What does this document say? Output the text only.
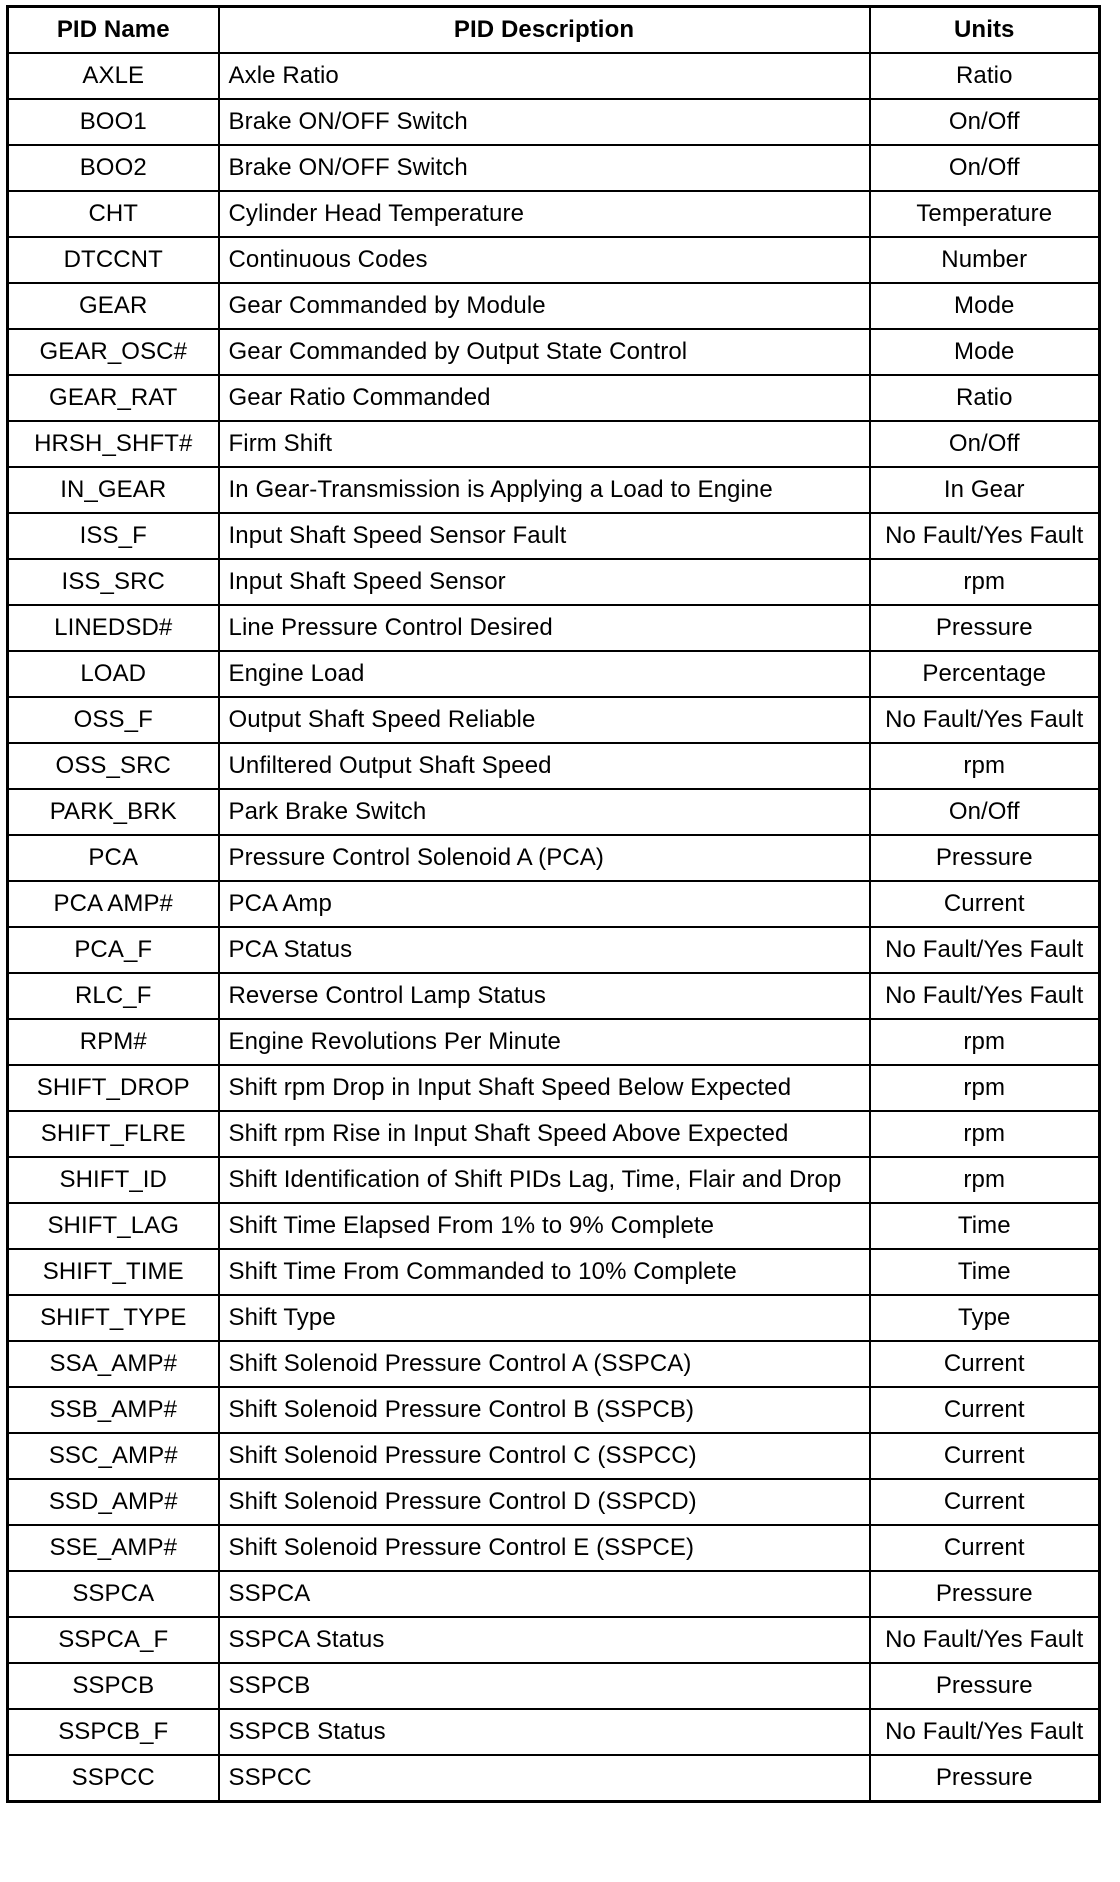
PID Name	PID Description	Units
AXLE	Axle Ratio	Ratio
BOO1	Brake ON/OFF Switch	On/Off
BOO2	Brake ON/OFF Switch	On/Off
CHT	Cylinder Head Temperature	Temperature
DTCCNT	Continuous Codes	Number
GEAR	Gear Commanded by Module	Mode
GEAR_OSC#	Gear Commanded by Output State Control	Mode
GEAR_RAT	Gear Ratio Commanded	Ratio
HRSH_SHFT#	Firm Shift	On/Off
IN_GEAR	In Gear-Transmission is Applying a Load to Engine	In Gear
ISS_F	Input Shaft Speed Sensor Fault	No Fault/Yes Fault
ISS_SRC	Input Shaft Speed Sensor	rpm
LINEDSD#	Line Pressure Control Desired	Pressure
LOAD	Engine Load	Percentage
OSS_F	Output Shaft Speed Reliable	No Fault/Yes Fault
OSS_SRC	Unfiltered Output Shaft Speed	rpm
PARK_BRK	Park Brake Switch	On/Off
PCA	Pressure Control Solenoid A (PCA)	Pressure
PCA AMP#	PCA Amp	Current
PCA_F	PCA Status	No Fault/Yes Fault
RLC_F	Reverse Control Lamp Status	No Fault/Yes Fault
RPM#	Engine Revolutions Per Minute	rpm
SHIFT_DROP	Shift rpm Drop in Input Shaft Speed Below Expected	rpm
SHIFT_FLRE	Shift rpm Rise in Input Shaft Speed Above Expected	rpm
SHIFT_ID	Shift Identification of Shift PIDs Lag, Time, Flair and Drop	rpm
SHIFT_LAG	Shift Time Elapsed From 1% to 9% Complete	Time
SHIFT_TIME	Shift Time From Commanded to 10% Complete	Time
SHIFT_TYPE	Shift Type	Type
SSA_AMP#	Shift Solenoid Pressure Control A (SSPCA)	Current
SSB_AMP#	Shift Solenoid Pressure Control B (SSPCB)	Current
SSC_AMP#	Shift Solenoid Pressure Control C (SSPCC)	Current
SSD_AMP#	Shift Solenoid Pressure Control D (SSPCD)	Current
SSE_AMP#	Shift Solenoid Pressure Control E (SSPCE)	Current
SSPCA	SSPCA	Pressure
SSPCA_F	SSPCA Status	No Fault/Yes Fault
SSPCB	SSPCB	Pressure
SSPCB_F	SSPCB Status	No Fault/Yes Fault
SSPCC	SSPCC	Pressure
